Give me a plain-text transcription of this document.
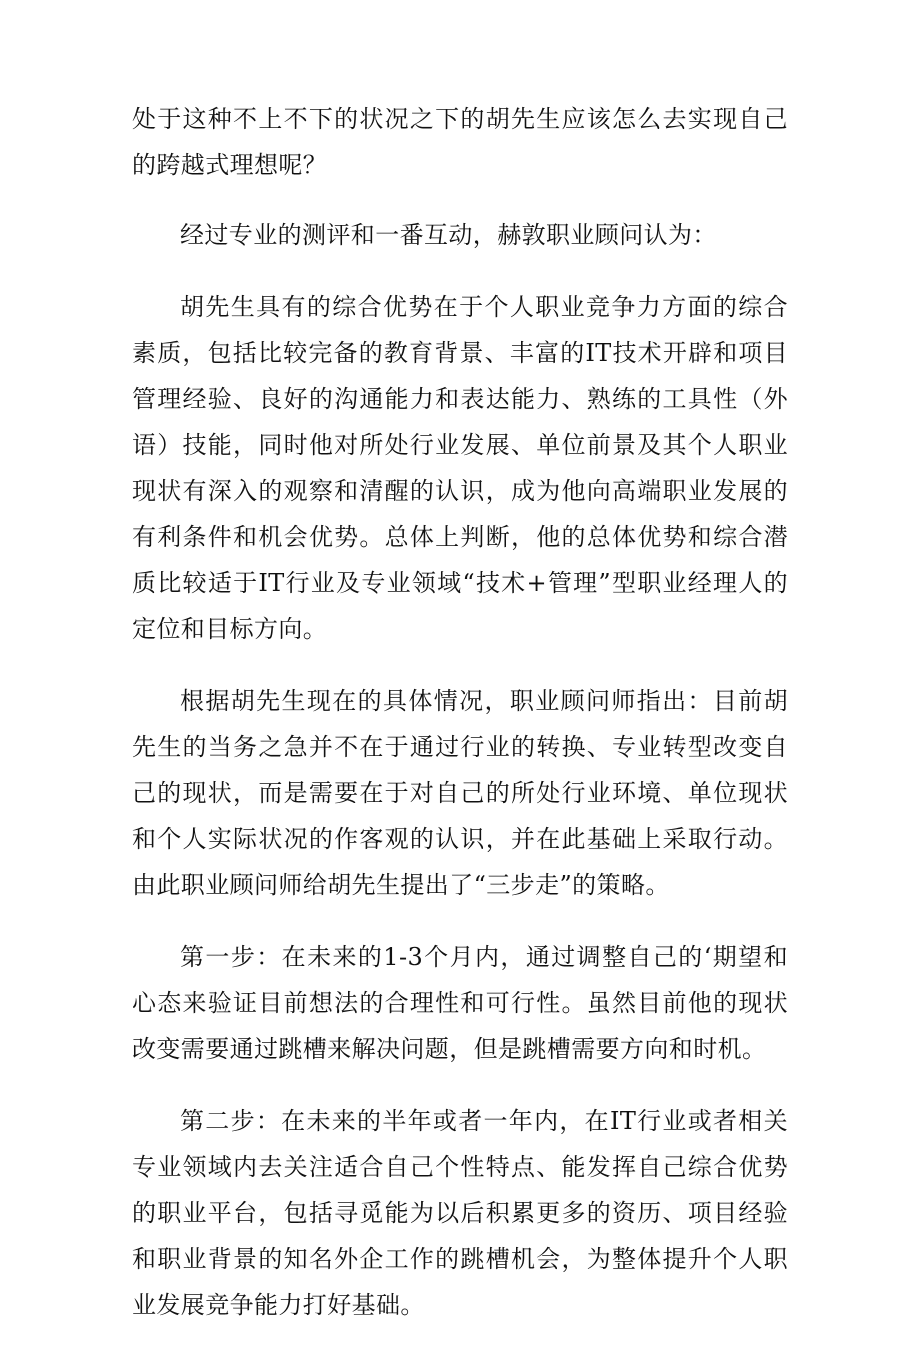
处于这种不上不下的状况之下的胡先生应该怎么去实现自己的跨越式理想呢？

经过专业的测评和一番互动，赫敦职业顾问认为：

胡先生具有的综合优势在于个人职业竞争力方面的综合素质，包括比较完备的教育背景、丰富的IT技术开辟和项目管理经验、良好的沟通能力和表达能力、熟练的工具性（外语）技能，同时他对所处行业发展、单位前景及其个人职业现状有深入的观察和清醒的认识，成为他向高端职业发展的有利条件和机会优势。总体上判断，他的总体优势和综合潜质比较适于IT行业及专业领域“技术+管理”型职业经理人的定位和目标方向。

根据胡先生现在的具体情况，职业顾问师指出：目前胡先生的当务之急并不在于通过行业的转换、专业转型改变自己的现状，而是需要在于对自己的所处行业环境、单位现状和个人实际状况的作客观的认识，并在此基础上采取行动。由此职业顾问师给胡先生提出了“三步走”的策略。

第一步：在未来的1-3个月内，通过调整自己的‘期望和心态来验证目前想法的合理性和可行性。虽然目前他的现状改变需要通过跳槽来解决问题，但是跳槽需要方向和时机。

第二步：在未来的半年或者一年内，在IT行业或者相关专业领域内去关注适合自己个性特点、能发挥自己综合优势的职业平台，包括寻觅能为以后积累更多的资历、项目经验和职业背景的知名外企工作的跳槽机会，为整体提升个人职业发展竞争能力打好基础。
